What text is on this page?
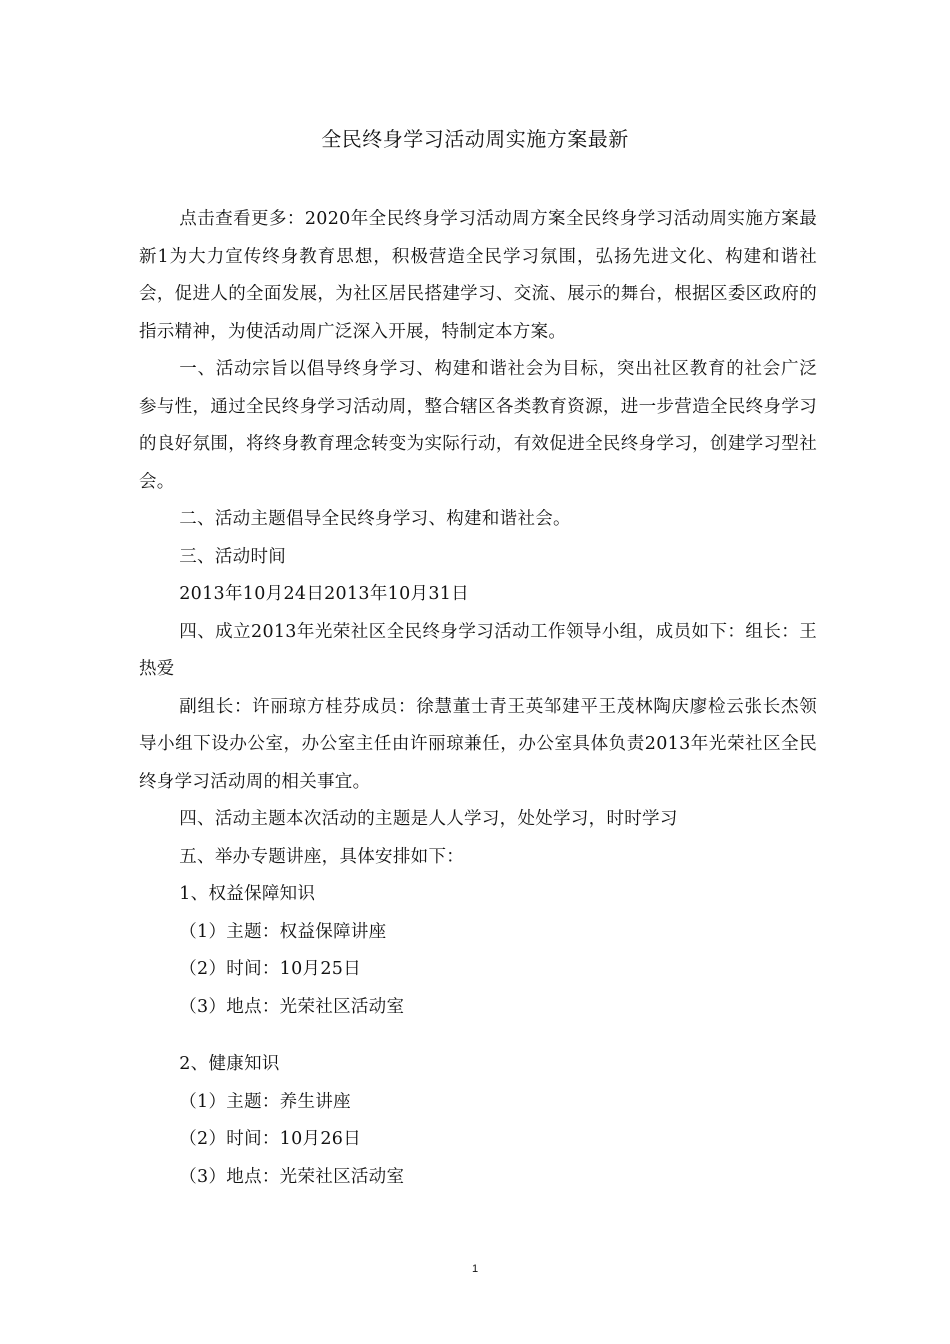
全民终身学习活动周实施方案最新

点击查看更多：2020年全民终身学习活动周方案全民终身学习活动周实施方案最新1为大力宣传终身教育思想，积极营造全民学习氛围，弘扬先进文化、构建和谐社会，促进人的全面发展，为社区居民搭建学习、交流、展示的舞台，根据区委区政府的指示精神，为使活动周广泛深入开展，特制定本方案。

一、活动宗旨以倡导终身学习、构建和谐社会为目标，突出社区教育的社会广泛参与性，通过全民终身学习活动周，整合辖区各类教育资源，进一步营造全民终身学习的良好氛围，将终身教育理念转变为实际行动，有效促进全民终身学习，创建学习型社会。

二、活动主题倡导全民终身学习、构建和谐社会。

三、活动时间

2013年10月24日2013年10月31日

四、成立2013年光荣社区全民终身学习活动工作领导小组，成员如下：组长：王热爱

副组长：许丽琼方桂芬成员：徐慧董士青王英邹建平王茂林陶庆廖检云张长杰领导小组下设办公室，办公室主任由许丽琼兼任，办公室具体负责2013年光荣社区全民终身学习活动周的相关事宜。

四、活动主题本次活动的主题是人人学习，处处学习，时时学习

五、举办专题讲座，具体安排如下：

1、权益保障知识

（1）主题：权益保障讲座

（2）时间：10月25日

（3）地点：光荣社区活动室

2、健康知识

（1）主题：养生讲座

（2）时间：10月26日

（3）地点：光荣社区活动室

1
